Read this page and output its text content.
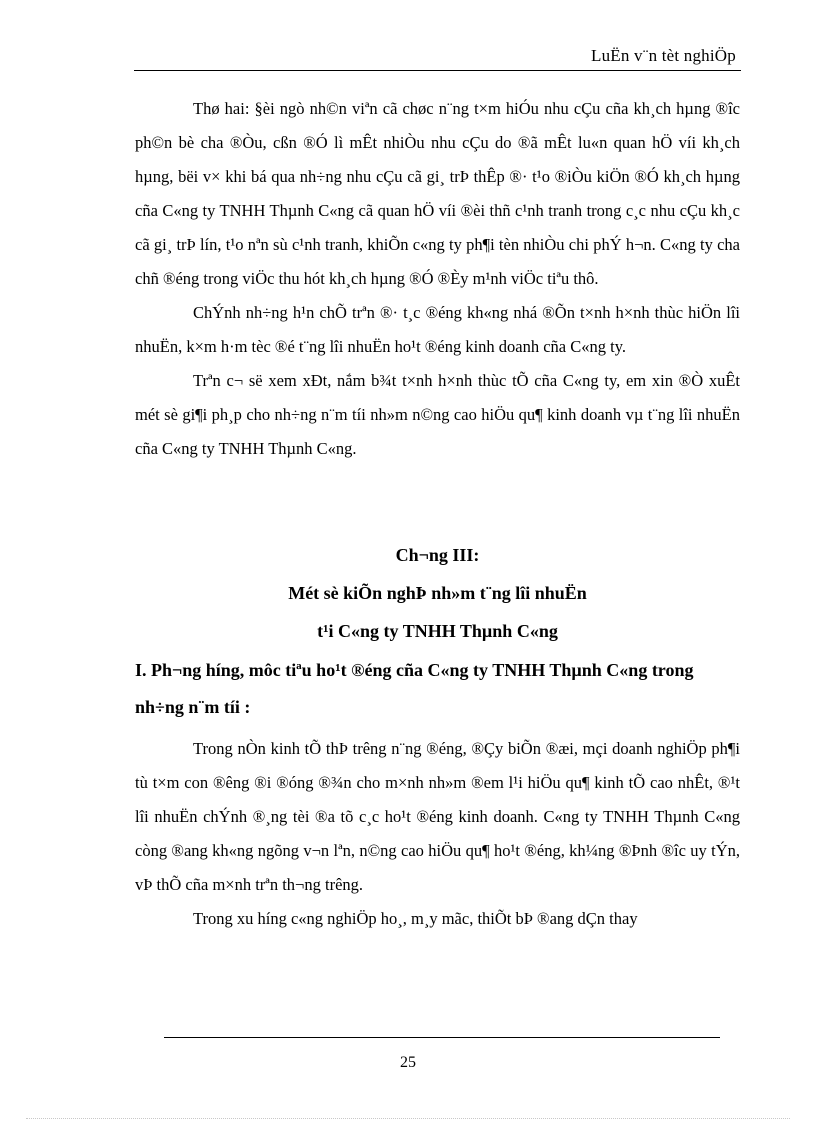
LuËn v¨n tèt nghiÖp

Thø hai: §èi ngò nh©n viªn cã chøc n¨ng t×m hiÓu nhu cÇu cña kh¸ch hµng ®îc ph©n bè cha ®Òu, cßn ®Ó lì mÊt nhiÒu nhu cÇu do ®ã mÊt lu«n quan hÖ víi kh¸ch hµng, bëi v× khi bá qua nh÷ng nhu cÇu cã gi¸ trÞ thÊp ®· t¹o ®iÒu kiÖn ®Ó kh¸ch hµng cña C«ng ty TNHH Thµnh C«ng cã quan hÖ víi ®èi thñ c¹nh tranh trong c¸c nhu cÇu kh¸c cã gi¸ trÞ lín, t¹o nªn sù c¹nh tranh, khiÕn c«ng ty ph¶i tèn nhiÒu chi phÝ h¬n. C«ng ty cha chñ ®éng trong viÖc thu hót kh¸ch hµng ®Ó ®Èy m¹nh viÖc tiªu thô.

ChÝnh nh÷ng h¹n chÕ trªn ®· t¸c ®éng kh«ng nhá ®Õn t×nh h×nh thùc hiÖn lîi nhuËn, k×m h·m tèc ®é t¨ng lîi nhuËn ho¹t ®éng kinh doanh cña C«ng ty.

Trªn c¬ së xem xÐt, nắm b¾t t×nh h×nh thùc tÕ cña C«ng ty, em xin ®Ò xuÊt mét sè gi¶i ph¸p cho nh÷ng n¨m tíi nh»m n©ng cao hiÖu qu¶ kinh doanh vµ t¨ng lîi nhuËn cña C«ng ty TNHH Thµnh C«ng.

Ch¬ng III:
Mét sè kiÕn nghÞ nh»m t¨ng lîi nhuËn
t¹i C«ng ty TNHH Thµnh C«ng
I. Ph¬ng híng, môc tiªu ho¹t ®éng cña C«ng ty TNHH Thµnh C«ng trong nh÷ng n¨m tíi :

Trong nÒn kinh tÕ thÞ trêng n¨ng ®éng, ®Çy biÕn ®æi, mçi doanh nghiÖp ph¶i tù t×m con ®êng ®i ®óng ®¾n cho m×nh nh»m ®em l¹i hiÖu qu¶ kinh tÕ cao nhÊt, ®¹t lîi nhuËn chÝnh ®¸ng tèi ®a tõ c¸c ho¹t ®éng kinh doanh. C«ng ty TNHH Thµnh C«ng còng ®ang kh«ng ngõng v¬n lªn, n©ng cao hiÖu qu¶ ho¹t ®éng, kh¼ng ®Þnh ®îc uy tÝn, vÞ thÕ cña m×nh trªn th¬ng trêng.

Trong xu híng c«ng nghiÖp ho¸, m¸y mãc, thiÕt bÞ ®ang dÇn thay

25
